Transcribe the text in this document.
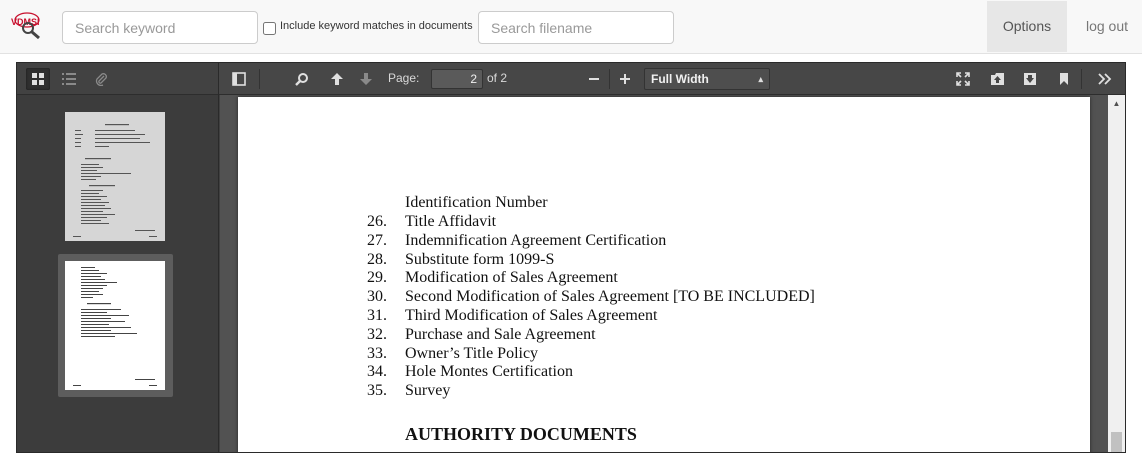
VDMSI
Search keyword	Include keyword matches in documents
Search filename	Options	log out
Page:
2	of 2	Full Width	▴

Identification Number
26. Title Affidavit
27. Indemnification Agreement Certification
28. Substitute form 1099-S
29. Modification of Sales Agreement
30. Second Modification of Sales Agreement [TO BE INCLUDED]
31. Third Modification of Sales Agreement
32. Purchase and Sale Agreement
33. Owner’s Title Policy
34. Hole Montes Certification
35. Survey
AUTHORITY DOCUMENTS
▲
